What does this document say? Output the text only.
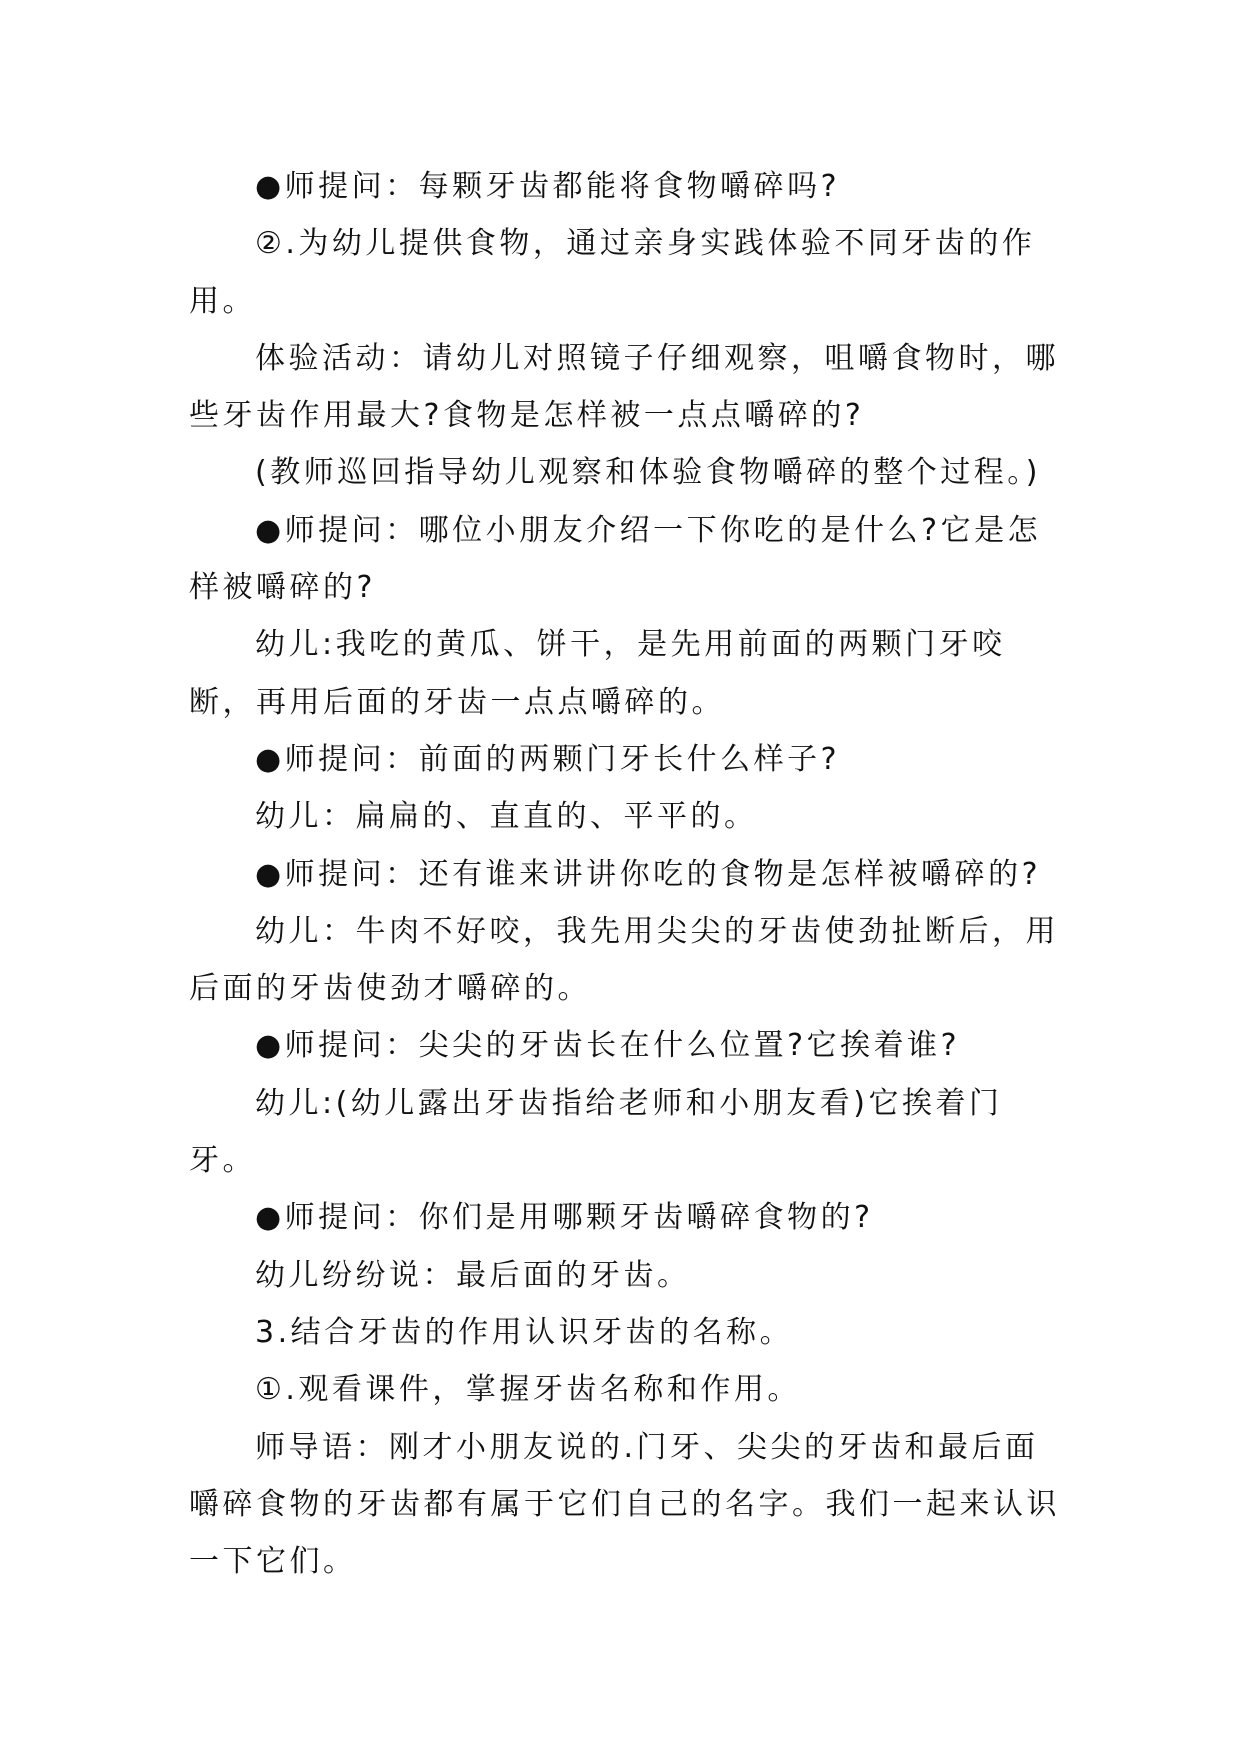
●师提问：每颗牙齿都能将食物嚼碎吗?

②.为幼儿提供食物，通过亲身实践体验不同牙齿的作用。

体验活动：请幼儿对照镜子仔细观察，咀嚼食物时，哪些牙齿作用最大?食物是怎样被一点点嚼碎的?

(教师巡回指导幼儿观察和体验食物嚼碎的整个过程。)

●师提问：哪位小朋友介绍一下你吃的是什么?它是怎样被嚼碎的?

幼儿:我吃的黄瓜、饼干，是先用前面的两颗门牙咬断，再用后面的牙齿一点点嚼碎的。

●师提问：前面的两颗门牙长什么样子?

幼儿：扁扁的、直直的、平平的。

●师提问：还有谁来讲讲你吃的食物是怎样被嚼碎的?

幼儿：牛肉不好咬，我先用尖尖的牙齿使劲扯断后，用后面的牙齿使劲才嚼碎的。

●师提问：尖尖的牙齿长在什么位置?它挨着谁?

幼儿:(幼儿露出牙齿指给老师和小朋友看)它挨着门牙。

●师提问：你们是用哪颗牙齿嚼碎食物的?

幼儿纷纷说：最后面的牙齿。

3.结合牙齿的作用认识牙齿的名称。

①.观看课件，掌握牙齿名称和作用。

师导语：刚才小朋友说的.门牙、尖尖的牙齿和最后面嚼碎食物的牙齿都有属于它们自己的名字。我们一起来认识一下它们。
